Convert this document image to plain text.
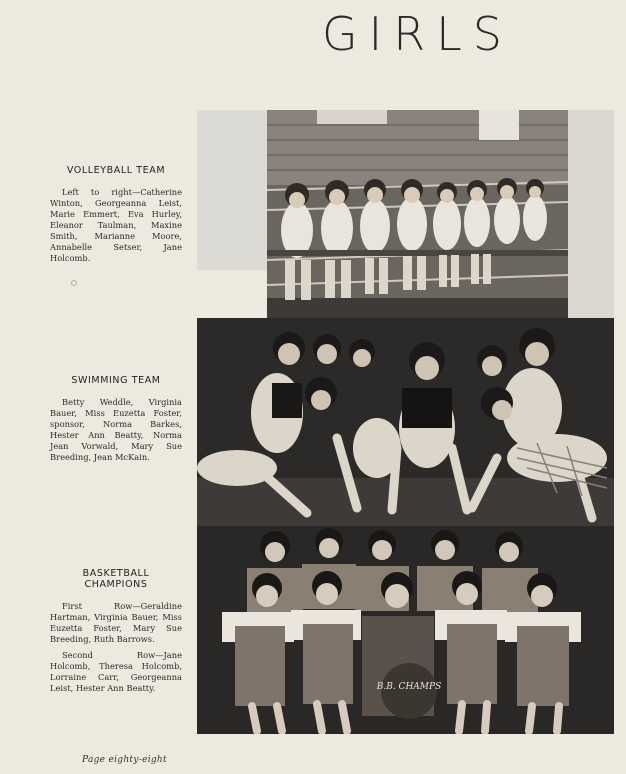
GIRLS
B.B. CHAMPS
VOLLEYBALL TEAM

Left to right—Catherine Winton, Georgeanna Leist, Marie Emmert, Eva Hurley, Eleanor Taulman, Maxine Smith, Marianne Moore, Annabelle Setser, Jane Holcomb.

SWIMMING TEAM

Betty Weddle, Virginia Bauer, Miss Euzetta Foster, sponsor, Norma Barkes, Hester Ann Beatty, Norma Jean Vorwald, Mary Sue Breeding, Jean McKain.

BASKETBALL CHAMPIONS

First Row—Geraldine Hartman, Virginia Bauer, Miss Euzetta Foster, Mary Sue Breeding, Ruth Barrows.

Second Row—Jane Holcomb, Theresa Holcomb, Lorraine Carr, Georgeanna Leist, Hester Ann Beatty.

Page eighty-eight
